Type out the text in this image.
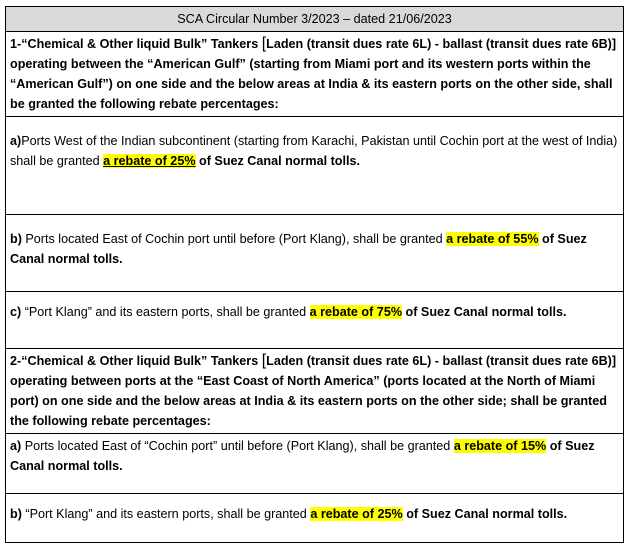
SCA Circular Number 3/2023 – dated 21/06/2023
1-“Chemical & Other liquid Bulk” Tankers [Laden (transit dues rate 6L) - ballast (transit dues rate 6B)] operating between the “American Gulf” (starting from Miami port and its western ports within the “American Gulf”) on one side and the below areas at India & its eastern ports on the other side, shall be granted the following rebate percentages:
a)Ports West of the Indian subcontinent (starting from Karachi, Pakistan until Cochin port at the west of India) shall be granted a rebate of 25% of Suez Canal normal tolls.
b) Ports located East of Cochin port until before (Port Klang), shall be granted a rebate of 55% of Suez Canal normal tolls.
c) “Port Klang” and its eastern ports, shall be granted a rebate of 75% of Suez Canal normal tolls.
2-“Chemical & Other liquid Bulk” Tankers [Laden (transit dues rate 6L) - ballast (transit dues rate 6B)] operating between ports at the “East Coast of North America” (ports located at the North of Miami port) on one side and the below areas at India & its eastern ports on the other side; shall be granted the following rebate percentages:
a) Ports located East of “Cochin port” until before (Port Klang), shall be granted a rebate of 15% of Suez Canal normal tolls.
b) “Port Klang” and its eastern ports, shall be granted a rebate of 25% of Suez Canal normal tolls.
